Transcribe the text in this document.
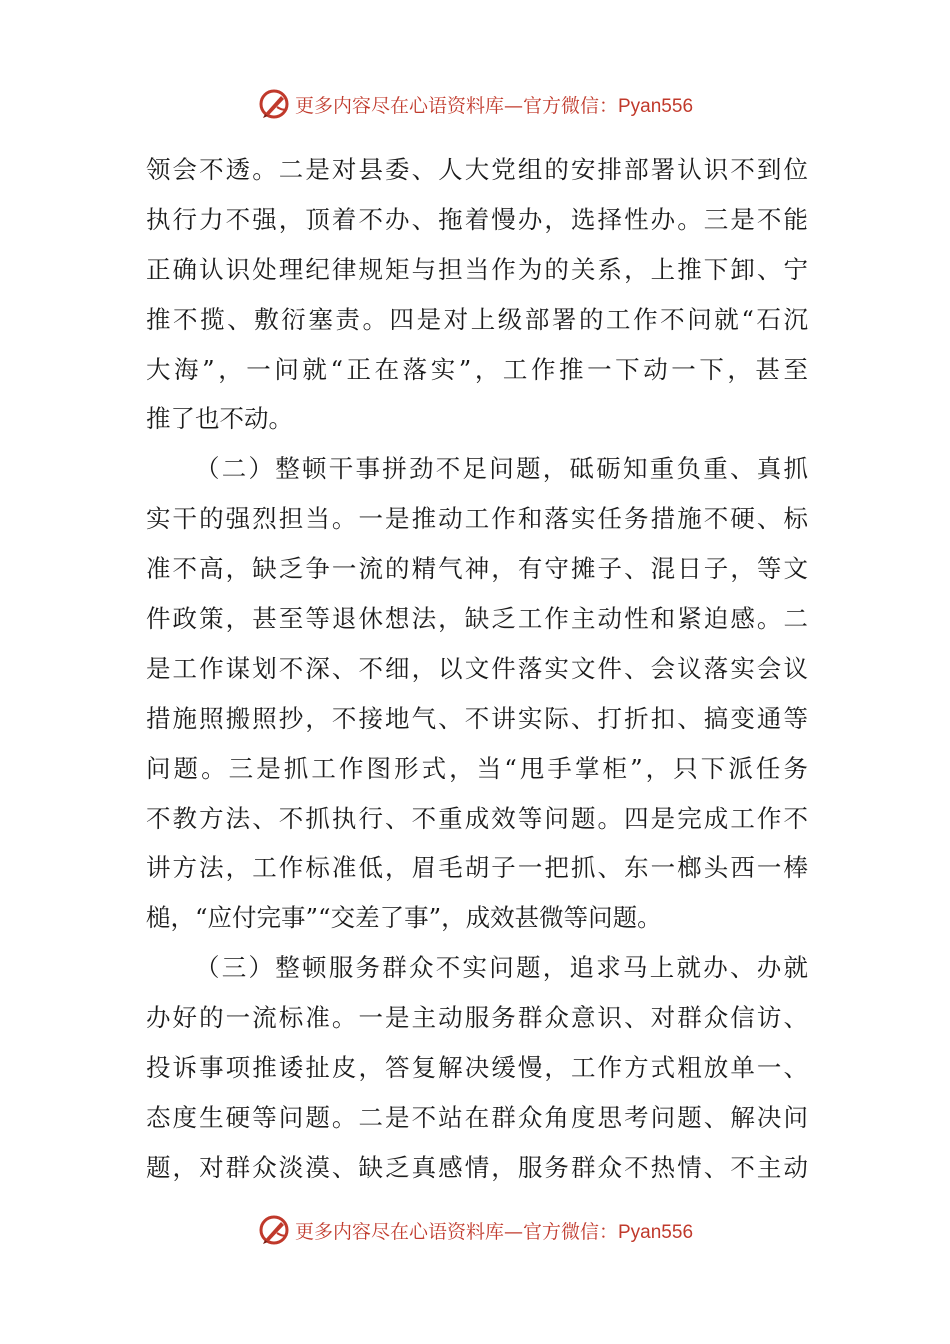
更多内容尽在心语资料库—官方微信：Pyan556
领会不透。二是对县委、人大党组的安排部署认识不到位
执行力不强，顶着不办、拖着慢办，选择性办。三是不能
正确认识处理纪律规矩与担当作为的关系，上推下卸、宁
推不揽、敷衍塞责。四是对上级部署的工作不问就“石沉
大海”，一问就“正在落实”，工作推一下动一下，甚至
推了也不动。
（二）整顿干事拼劲不足问题，砥砺知重负重、真抓
实干的强烈担当。一是推动工作和落实任务措施不硬、标
准不高，缺乏争一流的精气神，有守摊子、混日子，等文
件政策，甚至等退休想法，缺乏工作主动性和紧迫感。二
是工作谋划不深、不细，以文件落实文件、会议落实会议
措施照搬照抄，不接地气、不讲实际、打折扣、搞变通等
问题。三是抓工作图形式，当“甩手掌柜”，只下派任务
不教方法、不抓执行、不重成效等问题。四是完成工作不
讲方法，工作标准低，眉毛胡子一把抓、东一榔头西一棒
槌，“应付完事”“交差了事”，成效甚微等问题。
（三）整顿服务群众不实问题，追求马上就办、办就
办好的一流标准。一是主动服务群众意识、对群众信访、
投诉事项推诿扯皮，答复解决缓慢，工作方式粗放单一、
态度生硬等问题。二是不站在群众角度思考问题、解决问
题，对群众淡漠、缺乏真感情，服务群众不热情、不主动
更多内容尽在心语资料库—官方微信：Pyan556
